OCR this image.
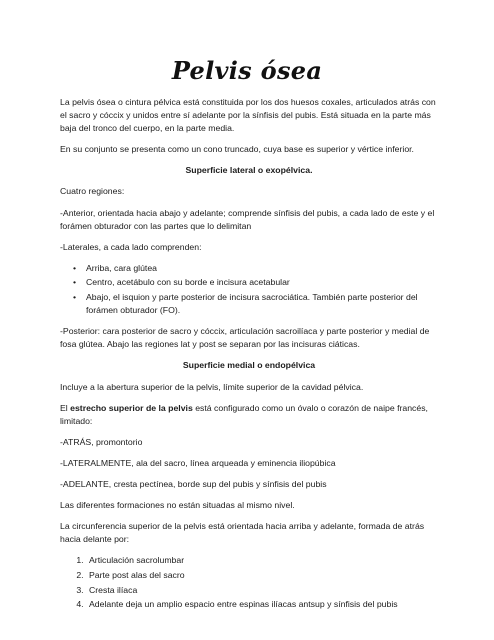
Pelvis ósea

La pelvis ósea o cintura pélvica está constituida por los dos huesos coxales, articulados atrás con el sacro y cóccix y unidos entre sí adelante por la sínfisis del pubis. Está situada en la parte más baja del tronco del cuerpo, en la parte media.

En su conjunto se presenta como un cono truncado, cuya base es superior y vértice inferior.

Superficie lateral o exopélvica.

Cuatro regiones:

-Anterior, orientada hacia abajo y adelante; comprende sínfisis del pubis, a cada lado de este y el forámen obturador con las partes que lo delimitan

-Laterales, a cada lado comprenden:

• Arriba, cara glútea
• Centro, acetábulo con su borde e incisura acetabular
• Abajo, el isquion y parte posterior de incisura sacrociática. También parte posterior del forámen obturador (FO).

-Posterior: cara posterior de sacro y cóccix, articulación sacroilíaca y parte posterior y medial de fosa glútea. Abajo las regiones lat y post se separan por las incisuras ciáticas.

Superficie medial o endopélvica

Incluye a la abertura superior de la pelvis, límite superior de la cavidad pélvica.

El estrecho superior de la pelvis está configurado como un óvalo o corazón de naipe francés, limitado:

-ATRÁS, promontorio

-LATERALMENTE, ala del sacro, línea arqueada y eminencia iliopúbica

-ADELANTE, cresta pectínea, borde sup del pubis y sínfisis del pubis

Las diferentes formaciones no están situadas al mismo nivel.

La circunferencia superior de la pelvis está orientada hacia arriba y adelante, formada de atrás hacia delante por:

1. Articulación sacrolumbar
2. Parte post alas del sacro
3. Cresta ilíaca
4. Adelante deja un amplio espacio entre espinas ilíacas antsup y sínfisis del pubis
